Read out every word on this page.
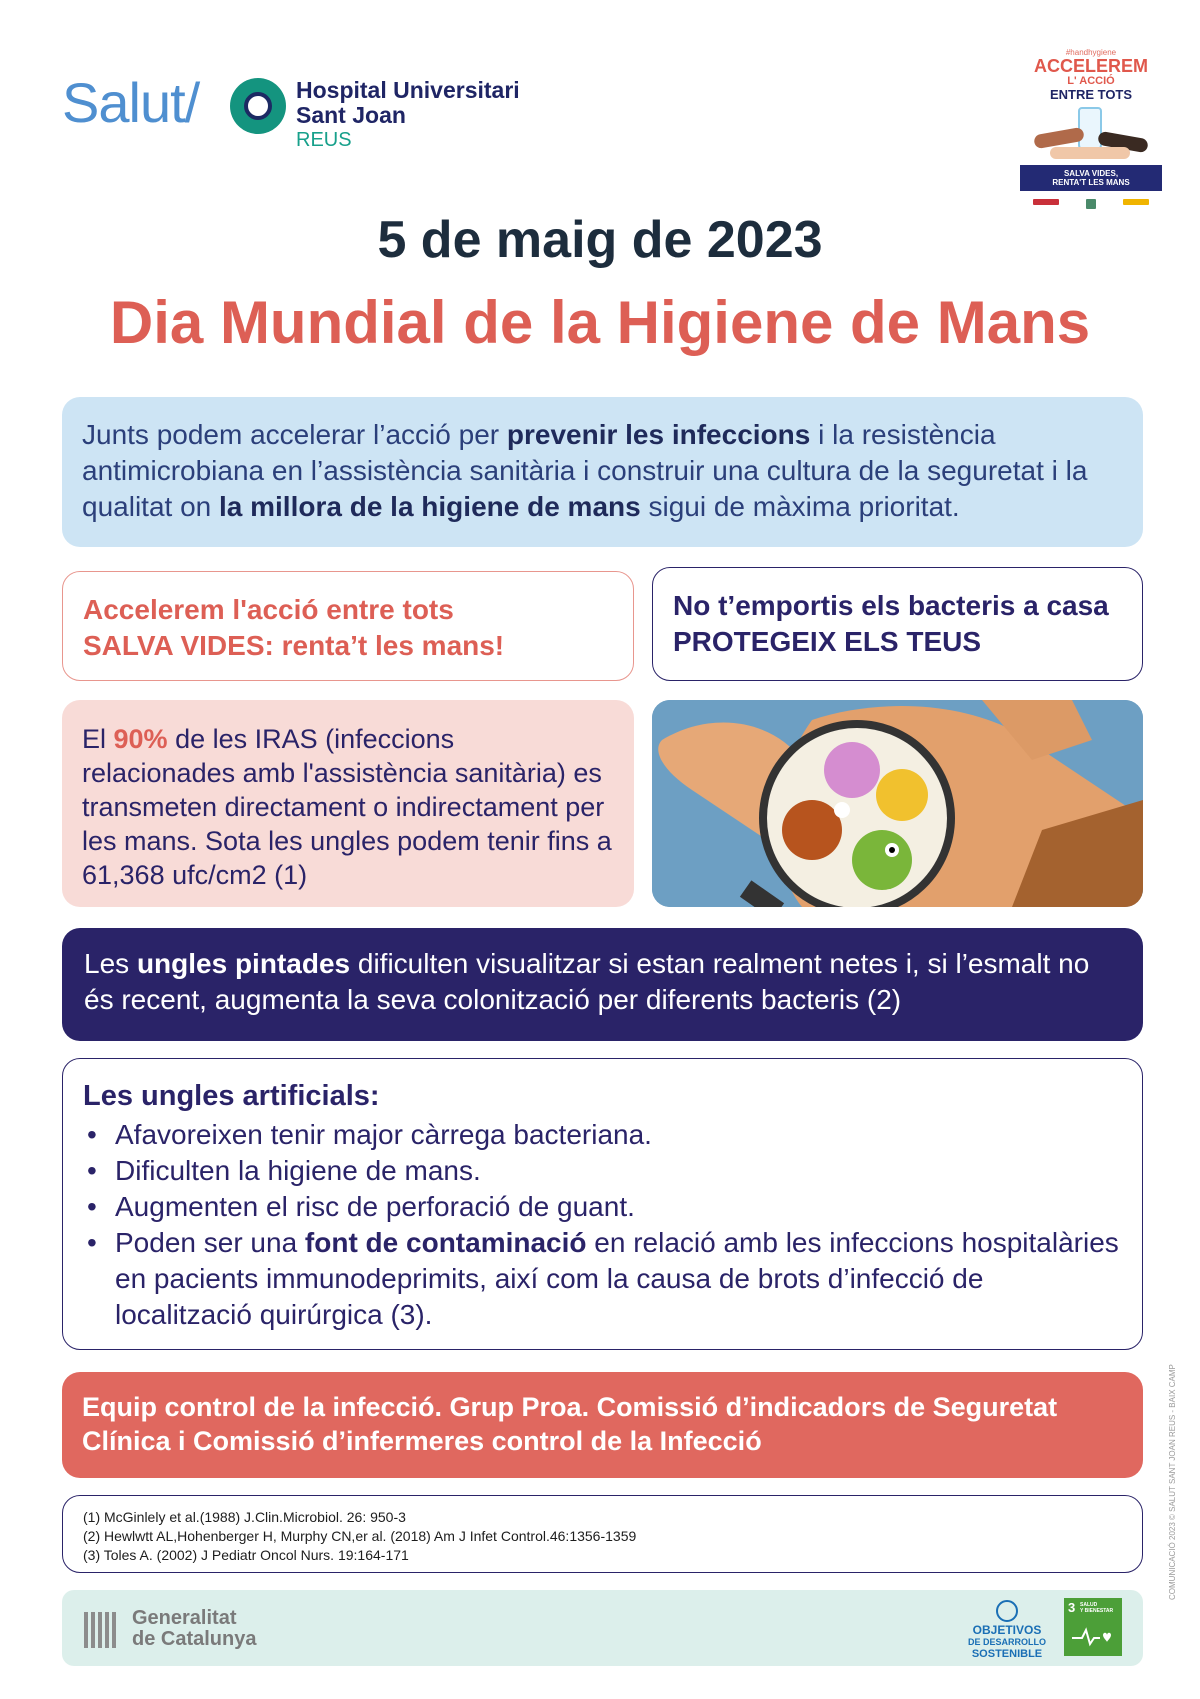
Salut/	Hospital Universitari
Sant Joan
REUS
#handhygiene
ACCELEREM
L' ACCIÓ
ENTRE TOTS
SALVA VIDES,
RENTA'T LES MANS
5 de maig de 2023
Dia Mundial de la Higiene de Mans
Junts podem accelerar l’acció per prevenir les infeccions i la resistència antimicrobiana en l’assistència sanitària i construir una cultura de la seguretat i la qualitat on la millora de la higiene de mans sigui de màxima prioritat.
Accelerem l'acció entre tots
SALVA VIDES: renta’t les mans!
No t’emportis els bacteris a casa
PROTEGEIX ELS TEUS
El 90% de les IRAS (infeccions relacionades amb l'assistència sanitària) es transmeten directament o indirectament per les mans. Sota les ungles podem tenir fins a 61,368 ufc/cm2 (1)
Les ungles pintades dificulten visualitzar si estan realment netes i, si l’esmalt no és recent, augmenta la seva colonització per diferents bacteris (2)
Les ungles artificials:
• Afavoreixen tenir major càrrega bacteriana.
• Dificulten la higiene de mans.
• Augmenten el risc de perforació de guant.
• Poden ser una font de contaminació en relació amb les infeccions hospitalàries en pacients immunodeprimits, així com la causa de brots d’infecció de localització quirúrgica (3).
Equip control de la infecció. Grup Proa. Comissió d’indicadors de Seguretat Clínica i Comissió d’infermeres control de la Infecció
(1) McGinlely et al.(1988) J.Clin.Microbiol. 26: 950-3
(2) Hewlwtt AL,Hohenberger H, Murphy CN,er al. (2018) Am J Infet Control.46:1356-1359
(3) Toles A. (2002) J Pediatr Oncol Nurs. 19:164-171
Generalitat
de Catalunya	OBJETIVOS
DE DESARROLLO
SOSTENIBLE
3 SALUD
Y BIENESTAR
COMUNICACIÓ 2023 © SALUT SANT JOAN REUS - BAIX CAMP
